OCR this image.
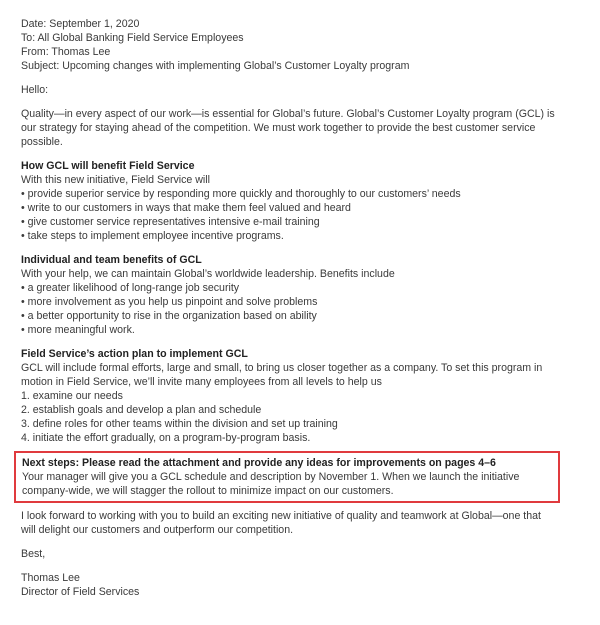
Date: September 1, 2020
To: All Global Banking Field Service Employees
From: Thomas Lee
Subject: Upcoming changes with implementing Global’s Customer Loyalty program
Hello:
Quality—in every aspect of our work—is essential for Global’s future. Global’s Customer Loyalty program (GCL) is
our strategy for staying ahead of the competition. We must work together to provide the best customer service
possible.
How GCL will benefit Field Service
With this new initiative, Field Service will
• provide superior service by responding more quickly and thoroughly to our customers’ needs
• write to our customers in ways that make them feel valued and heard
• give customer service representatives intensive e-mail training
• take steps to implement employee incentive programs.
Individual and team benefits of GCL
With your help, we can maintain Global’s worldwide leadership. Benefits include
• a greater likelihood of long-range job security
• more involvement as you help us pinpoint and solve problems
• a better opportunity to rise in the organization based on ability
• more meaningful work.
Field Service’s action plan to implement GCL
GCL will include formal efforts, large and small, to bring us closer together as a company. To set this program in
motion in Field Service, we’ll invite many employees from all levels to help us
1. examine our needs
2. establish goals and develop a plan and schedule
3. define roles for other teams within the division and set up training
4. initiate the effort gradually, on a program-by-program basis.
Next steps: Please read the attachment and provide any ideas for improvements on pages 4–6
Your manager will give you a GCL schedule and description by November 1. When we launch the initiative
company-wide, we will stagger the rollout to minimize impact on our customers.
I look forward to working with you to build an exciting new initiative of quality and teamwork at Global—one that
will delight our customers and outperform our competition.
Best,
Thomas Lee
Director of Field Services
